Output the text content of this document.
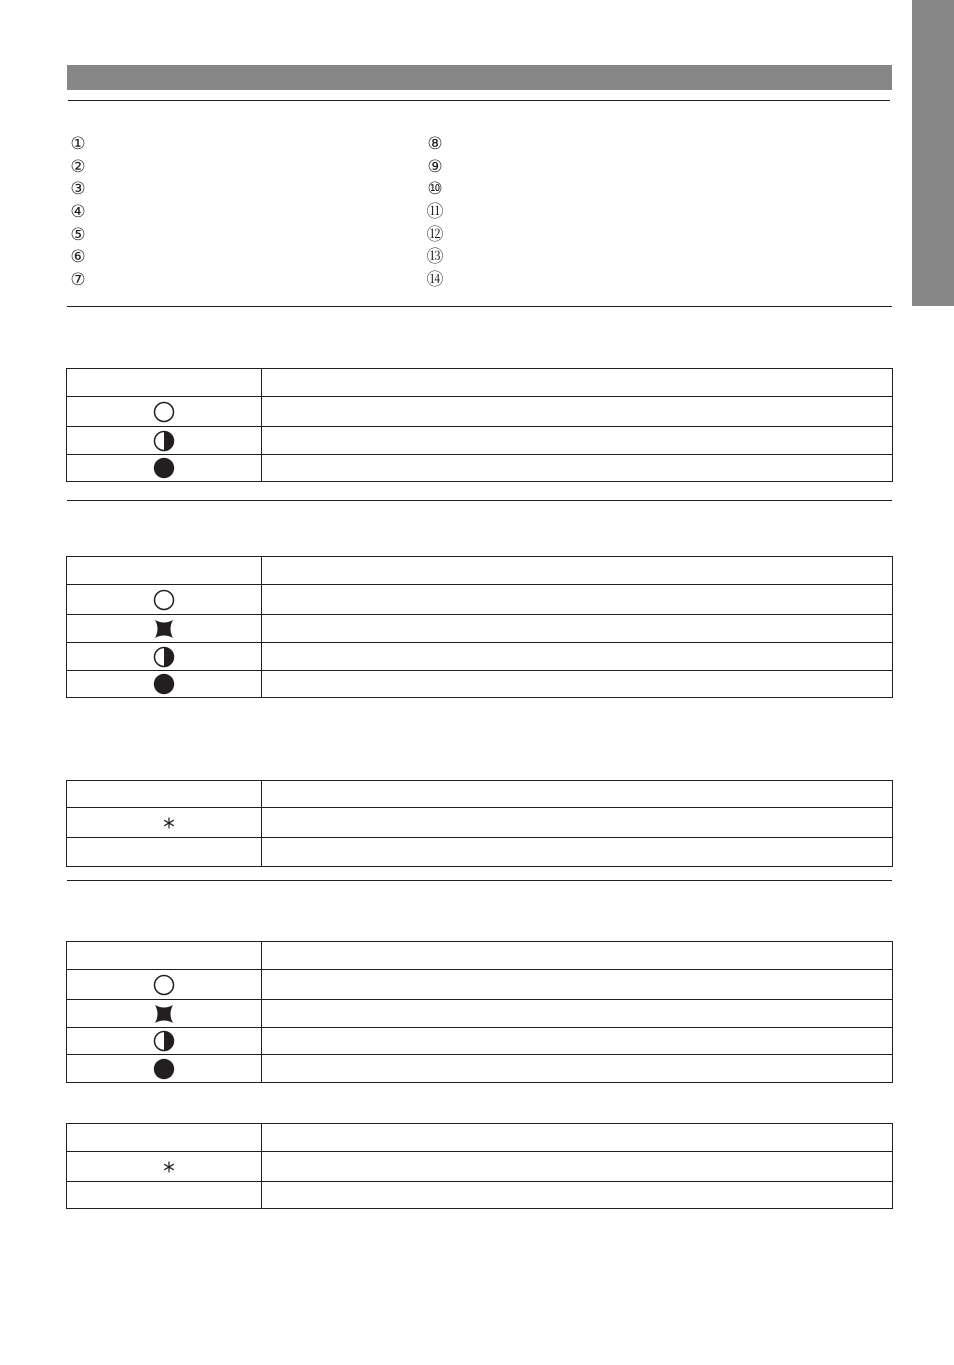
①
②
③
④
⑤
⑥
⑦
⑧
⑨
⑩
⑪
⑫
⑬
⑭
